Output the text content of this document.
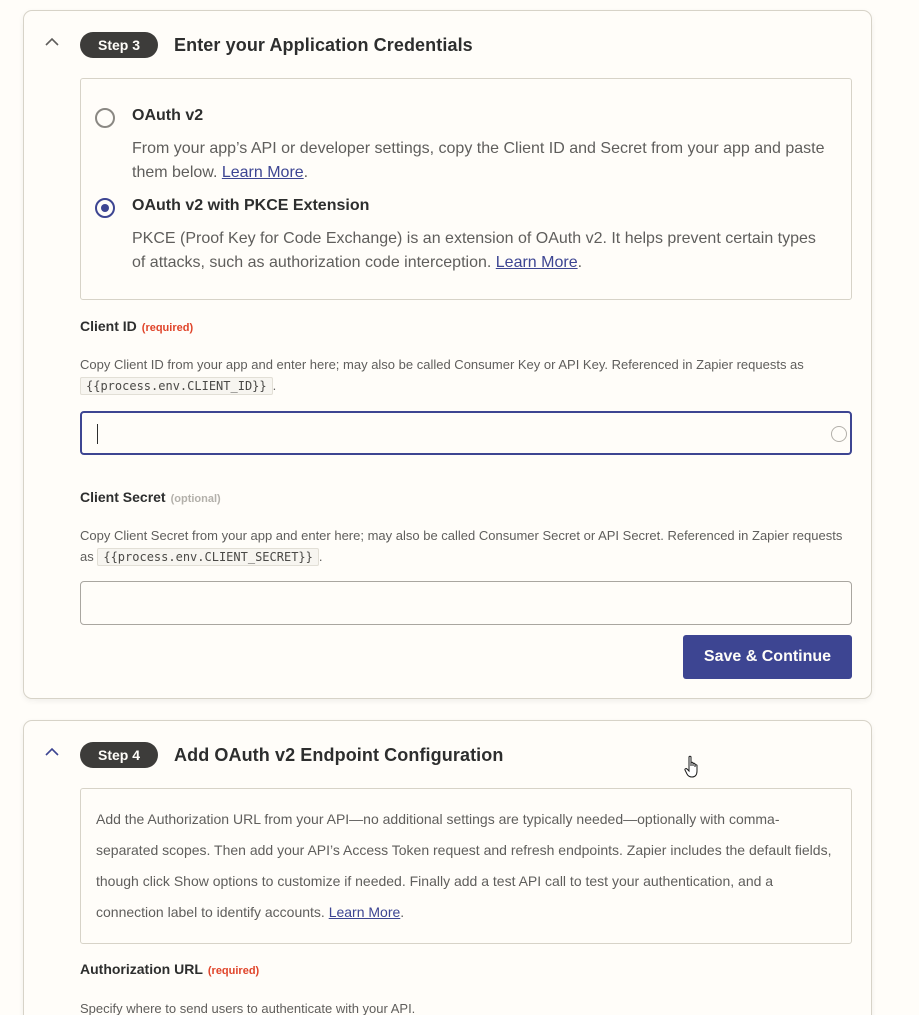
Step 3	Enter your Application Credentials
OAuth v2

From your app’s API or developer settings, copy the Client ID and Secret from your app and paste them below. Learn More.

OAuth v2 with PKCE Extension

PKCE (Proof Key for Code Exchange) is an extension of OAuth v2. It helps prevent certain types of attacks, such as authorization code interception. Learn More.

Client ID (required)

Copy Client ID from your app and enter here; may also be called Consumer Key or API Key. Referenced in Zapier requests as
{{process.env.CLIENT_ID}} .

Client Secret (optional)

Copy Client Secret from your app and enter here; may also be called Consumer Secret or API Secret. Referenced in Zapier requests as {{process.env.CLIENT_SECRET}} .

Save & Continue
Step 4	Add OAuth v2 Endpoint Configuration
Add the Authorization URL from your API—no additional settings are typically needed—optionally with comma-separated scopes. Then add your API’s Access Token request and refresh endpoints. Zapier includes the default fields, though click Show options to customize if needed. Finally add a test API call to test your authentication, and a connection label to identify accounts. Learn More.
Authorization URL (required)

Specify where to send users to authenticate with your API.
